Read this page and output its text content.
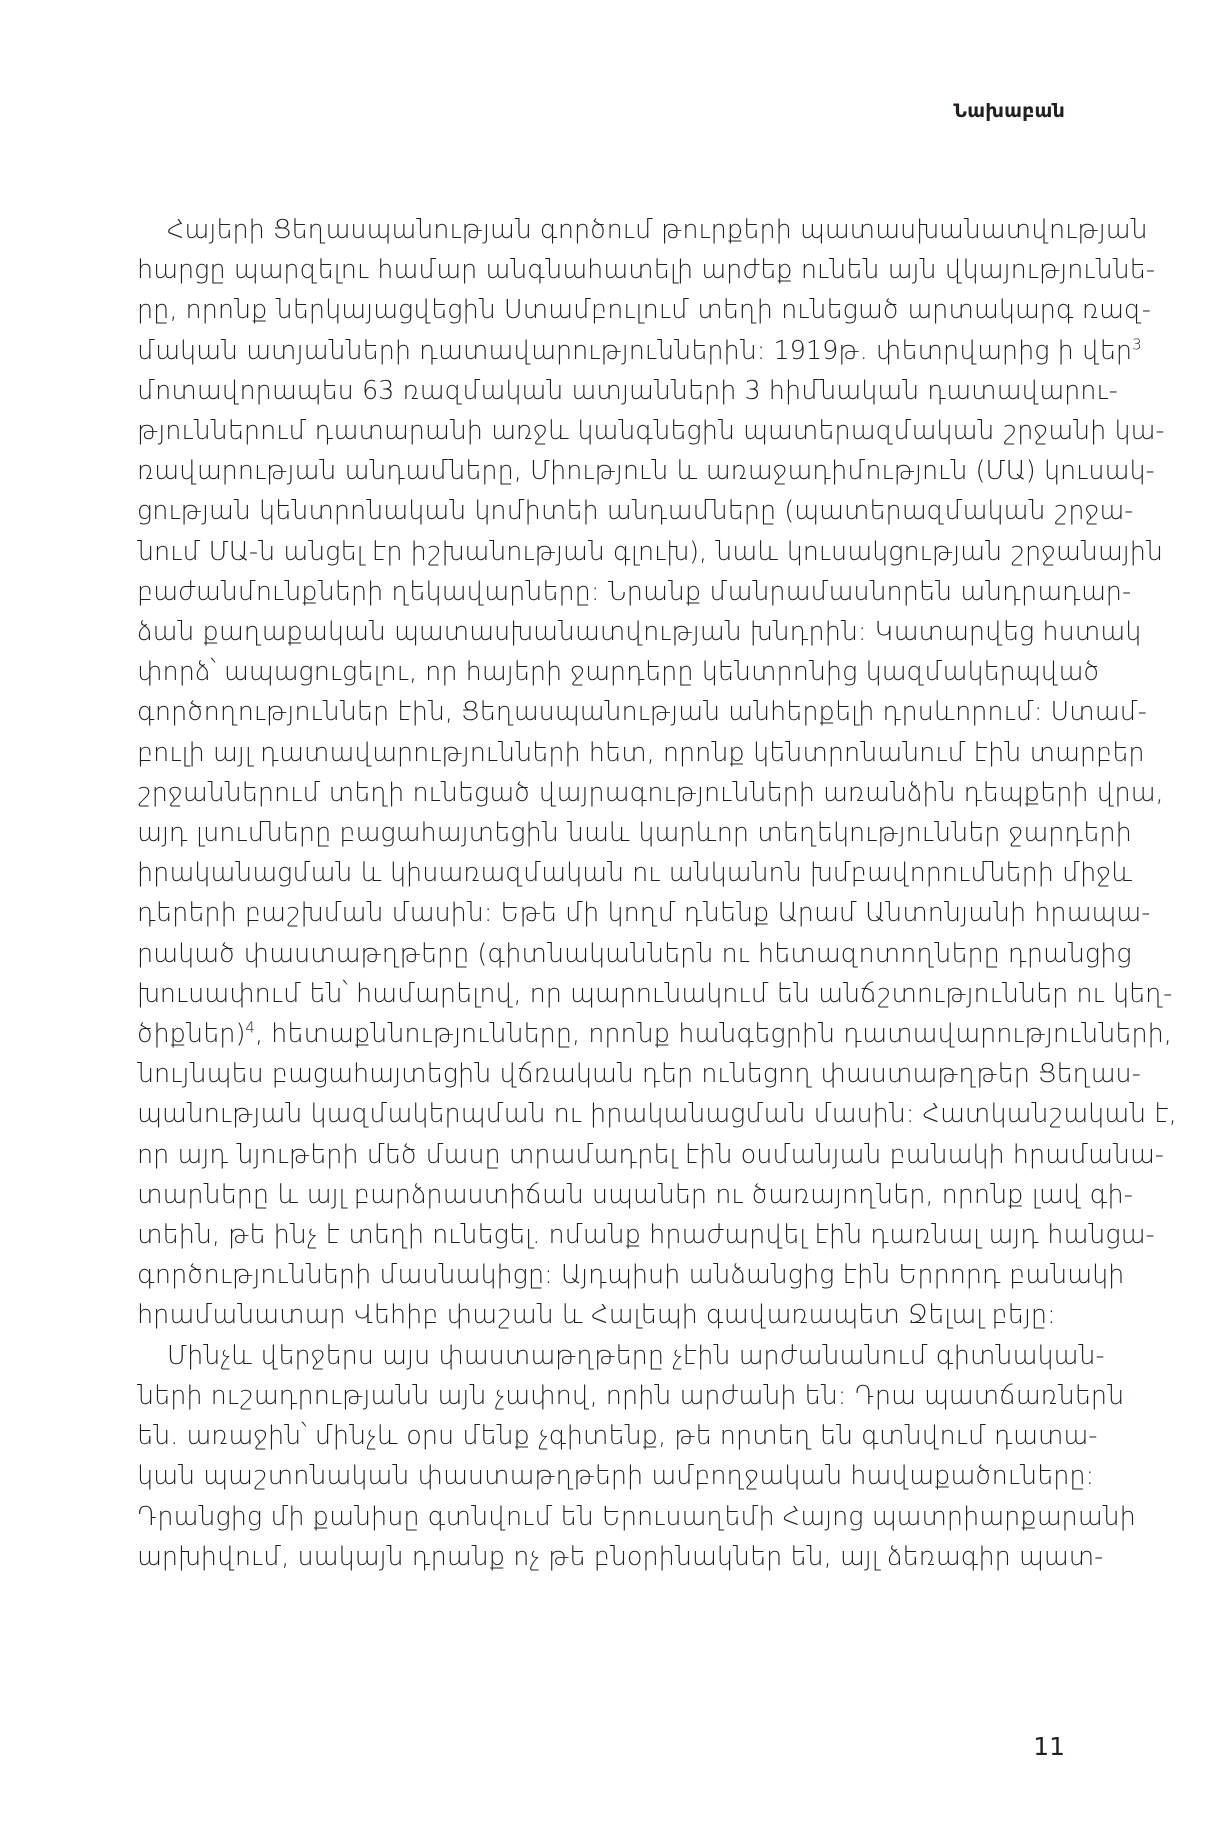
Նախաբան
Հայերի Ցեղասպանության գործում թուրքերի պատասխանատվության
հարցը պարզելու համար անգնահատելի արժեք ունեն այն վկայություննե-
րը, որոնք ներկայացվեցին Ստամբուլում տեղի ունեցած արտակարգ ռազ-
մական ատյանների դատավարություններին: 1919թ. փետրվարից ի վեր$^3$
մոտավորապես 63 ռազմական ատյանների 3 հիմնական դատավարու-
թյուններում դատարանի առջև կանգնեցին պատերազմական շրջանի կա-
ռավարության անդամները, Միություն և առաջադիմություն (ՄԱ) կուսակ-
ցության կենտրոնական կոմիտեի անդամները (պատերազմական շրջա-
նում ՄԱ-ն անցել էր իշխանության գլուխ), նաև կուսակցության շրջանային
բաժանմունքների ղեկավարները: Նրանք մանրամասնորեն անդրադար-
ձան քաղաքական պատասխանատվության խնդրին: Կատարվեց հստակ
փորձ՝ ապացուցելու, որ հայերի ջարդերը կենտրոնից կազմակերպված
գործողություններ էին, Ցեղասպանության անհերքելի դրսևորում: Ստամ-
բուլի այլ դատավարությունների հետ, որոնք կենտրոնանում էին տարբեր
շրջաններում տեղի ունեցած վայրագությունների առանձին դեպքերի վրա,
այդ լսումները բացահայտեցին նաև կարևոր տեղեկություններ ջարդերի
իրականացման և կիսառազմական ու անկանոն խմբավորումների միջև
դերերի բաշխման մասին: Եթե մի կողմ դնենք Արամ Անտոնյանի հրապա-
րակած փաստաթղթերը (գիտնականներն ու հետազոտողները դրանցից
խուսափում են՝ համարելով, որ պարունակում են անճշտություններ ու կեղ-
ծիքներ)$^4$, հետաքննությունները, որոնք հանգեցրին դատավարությունների,
նույնպես բացահայտեցին վճռական դեր ունեցող փաստաթղթեր Ցեղաս-
պանության կազմակերպման ու իրականացման մասին: Հատկանշական է,
որ այդ նյութերի մեծ մասը տրամադրել էին օսմանյան բանակի հրամանա-
տարները և այլ բարձրաստիճան սպաներ ու ծառայողներ, որոնք լավ գի-
տեին, թե ինչ է տեղի ունեցել. ոմանք հրաժարվել էին դառնալ այդ հանցա-
գործությունների մասնակիցը: Այդպիսի անձանցից էին Երրորդ բանակի
հրամանատար Վեհիբ փաշան և Հալեպի գավառապետ Ջելալ բեյը:
Մինչև վերջերս այս փաստաթղթերը չէին արժանանում գիտնական-
ների ուշադրությանն այն չափով, որին արժանի են: Դրա պատճառներն
են. առաջին՝ մինչև օրս մենք չգիտենք, թե որտեղ են գտնվում դատա-
կան պաշտոնական փաստաթղթերի ամբողջական հավաքածուները:
Դրանցից մի քանիսը գտնվում են Երուսաղեմի Հայոց պատրիարքարանի
արխիվում, սակայն դրանք ոչ թե բնօրինակներ են, այլ ձեռագիր պատ-
11
